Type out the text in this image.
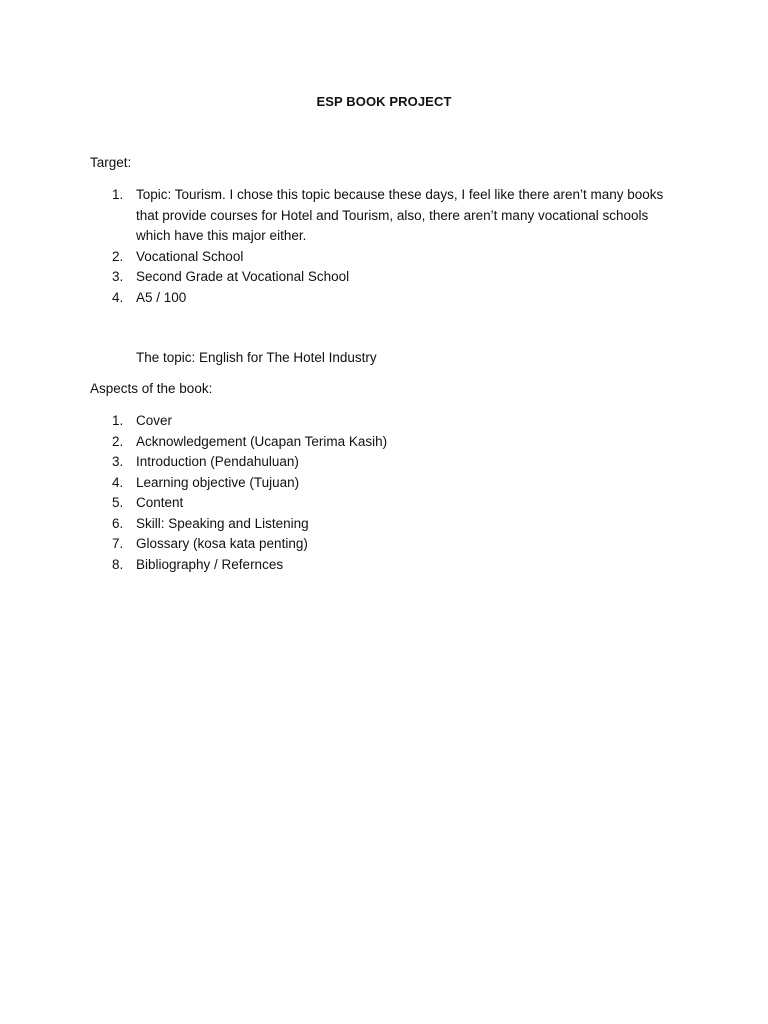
ESP BOOK PROJECT
Target:
1. Topic: Tourism. I chose this topic because these days, I feel like there aren’t many books that provide courses for Hotel and Tourism, also, there aren’t many vocational schools which have this major either.
2. Vocational School
3. Second Grade at Vocational School
4. A5 / 100
The topic: English for The Hotel Industry
Aspects of the book:
1. Cover
2. Acknowledgement (Ucapan Terima Kasih)
3. Introduction (Pendahuluan)
4. Learning objective (Tujuan)
5. Content
6. Skill: Speaking and Listening
7. Glossary (kosa kata penting)
8. Bibliography / Refernces
